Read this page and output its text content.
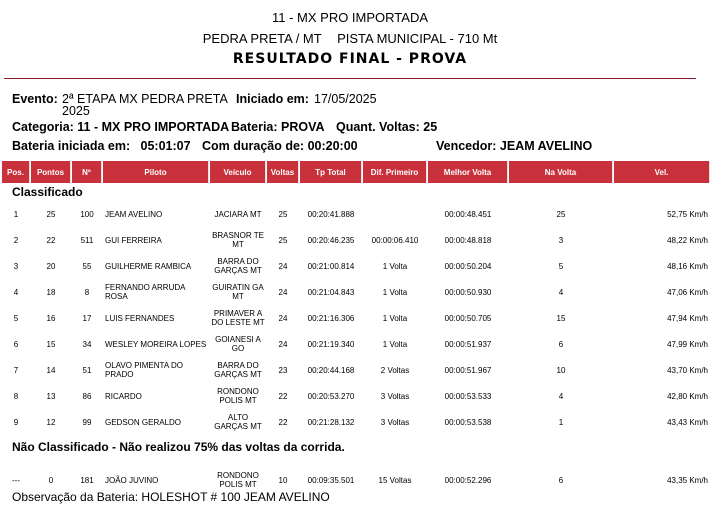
11 - MX PRO IMPORTADA
PEDRA PRETA / MT PISTA MUNICIPAL - 710 Mt
RESULTADO FINAL - PROVA
Evento: 2ª ETAPA MX PEDRA PRETA
2025
Iniciado em: 17/05/2025
Categoria: 11 - MX PRO IMPORTADA Bateria: PROVA Quant. Voltas: 25
Bateria iniciada em:   05:01:07 Com duração de: 00:20:00	Vencedor: JEAM AVELINO
Pos.	Pontos	Nº	Piloto	Veículo	Voltas	Tp Total	Dif. Primeiro	Melhor Volta	Na Volta	Vel.
Classificado										
1	25	100	JEAM AVELINO	JACIARA MT	25	00:20:41.888		00:00:48.451	25	52,75 Km/h
2	22	511	GUI FERREIRA	BRASNOR TE MT	25	00:20:46.235	00:00:06.410	00:00:48.818	3	48,22 Km/h
3	20	55	GUILHERME RAMBICA	BARRA DO GARÇAS MT	24	00:21:00.814	1 Volta	00:00:50.204	5	48,16 Km/h
4	18	8	FERNANDO ARRUDA ROSA	GUIRATIN GA MT	24	00:21:04.843	1 Volta	00:00:50.930	4	47,06 Km/h
5	16	17	LUIS FERNANDES	PRIMAVER A DO LESTE MT	24	00:21:16.306	1 Volta	00:00:50.705	15	47,94 Km/h
6	15	34	WESLEY MOREIRA LOPES	GOIANESI A GO	24	00:21:19.340	1 Volta	00:00:51.937	6	47,99 Km/h
7	14	51	OLAVO PIMENTA DO PRADO	BARRA DO GARÇAS MT	23	00:20:44.168	2 Voltas	00:00:51.967	10	43,70 Km/h
8	13	86	RICARDO	RONDONO POLIS MT	22	00:20:53.270	3 Voltas	00:00:53.533	4	42,80 Km/h
9	12	99	GEDSON GERALDO	ALTO GARÇAS MT	22	00:21:28.132	3 Voltas	00:00:53.538	1	43,43 Km/h
Não Classificado - Não realizou 75% das voltas da corrida.										

---	0	181	JOÃO JUVINO	RONDONO POLIS MT	10	00:09:35.501	15 Voltas	00:00:52.296	6	43,35 Km/h
Observação da Bateria: HOLESHOT # 100 JEAM AVELINO
